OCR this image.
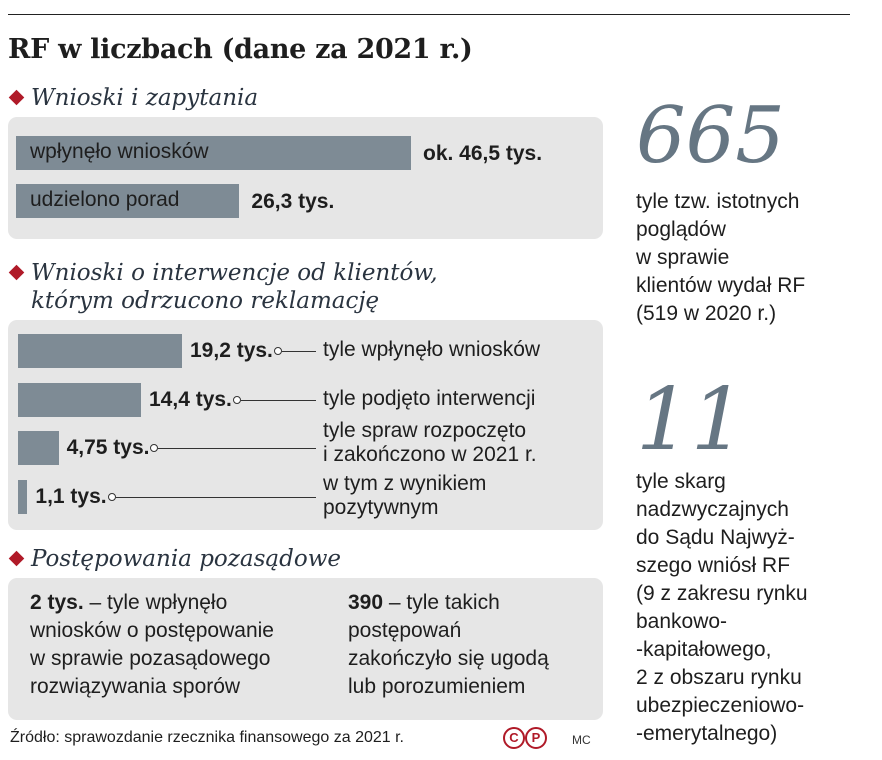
RF w liczbach (dane za 2021 r.)
Wnioski i zapytania
Wnioski o interwencje od klientów,
którym odrzucono reklamację
Postępowania pozasądowe
2 tys. – tyle wpłynęło
wniosków o postępowanie
w sprawie pozasądowego
rozwiązywania sporów
390 – tyle takich
postępowań
zakończyło się ugodą
lub porozumieniem
Źródło: sprawozdanie rzecznika finansowego za 2021 r.	C P	MC
665
tyle tzw. istotnych
poglądów
w sprawie
klientów wydał RF
(519 w 2020 r.)
11
tyle skarg
nadzwyczajnych
do Sądu Najwyż-
szego wniósł RF
(9 z zakresu rynku
bankowo-
-kapitałowego,
2 z obszaru rynku
ubezpieczeniowo-
-emerytalnego)
wpłynęło wniosków	ok. 46,5 tys.
udzielono porad	26,3 tys.
19,2 tys. tyle wpłynęło wniosków
14,4 tys.	tyle podjęto interwencji
4,75 tys.
tyle spraw rozpoczęto
i zakończono w 2021 r.
1,1 tys.
w tym z wynikiem
pozytywnym
